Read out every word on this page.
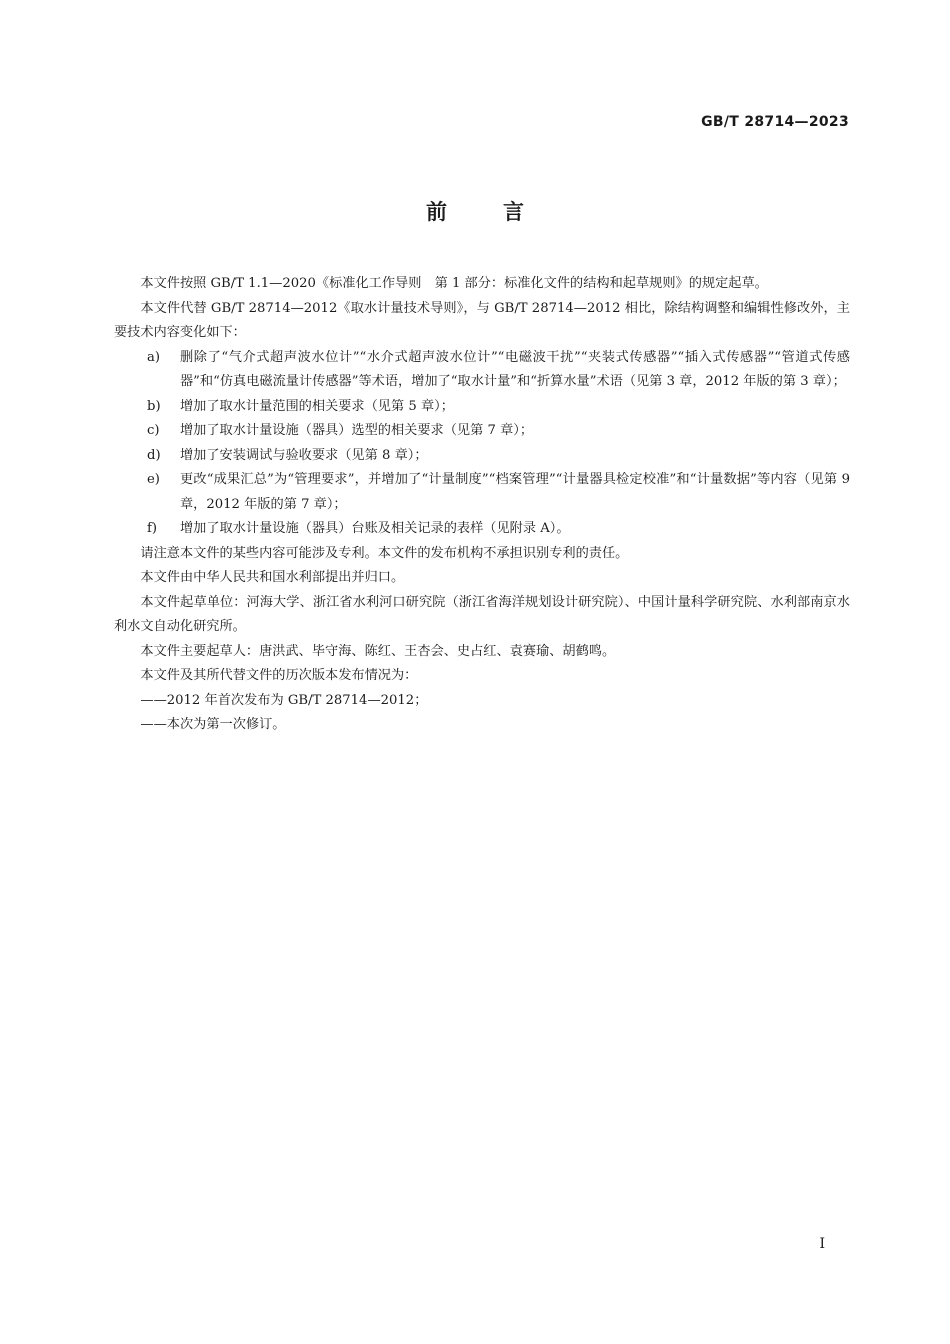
GB/T 28714—2023
前言

本文件按照 GB/T 1.1—2020《标准化工作导则　第 1 部分：标准化文件的结构和起草规则》的规定起草。

本文件代替 GB/T 28714—2012《取水计量技术导则》，与 GB/T 28714—2012 相比，除结构调整和编辑性修改外，主要技术内容变化如下：

a) 删除了“气介式超声波水位计”“水介式超声波水位计”“电磁波干扰”“夹装式传感器”“插入式传感器”“管道式传感器”和“仿真电磁流量计传感器”等术语，增加了“取水计量”和“折算水量”术语（见第 3 章，2012 年版的第 3 章）；
b) 增加了取水计量范围的相关要求（见第 5 章）；
c) 增加了取水计量设施（器具）选型的相关要求（见第 7 章）；
d) 增加了安装调试与验收要求（见第 8 章）；
e) 更改“成果汇总”为“管理要求”，并增加了“计量制度”“档案管理”“计量器具检定校准”和“计量数据”等内容（见第 9 章，2012 年版的第 7 章）；
f) 增加了取水计量设施（器具）台账及相关记录的表样（见附录 A）。

请注意本文件的某些内容可能涉及专利。本文件的发布机构不承担识别专利的责任。

本文件由中华人民共和国水利部提出并归口。

本文件起草单位：河海大学、浙江省水利河口研究院（浙江省海洋规划设计研究院）、中国计量科学研究院、水利部南京水利水文自动化研究所。

本文件主要起草人：唐洪武、毕守海、陈红、王杏会、史占红、袁赛瑜、胡鹤鸣。

本文件及其所代替文件的历次版本发布情况为：

——2012 年首次发布为 GB/T 28714—2012；

——本次为第一次修订。

I
